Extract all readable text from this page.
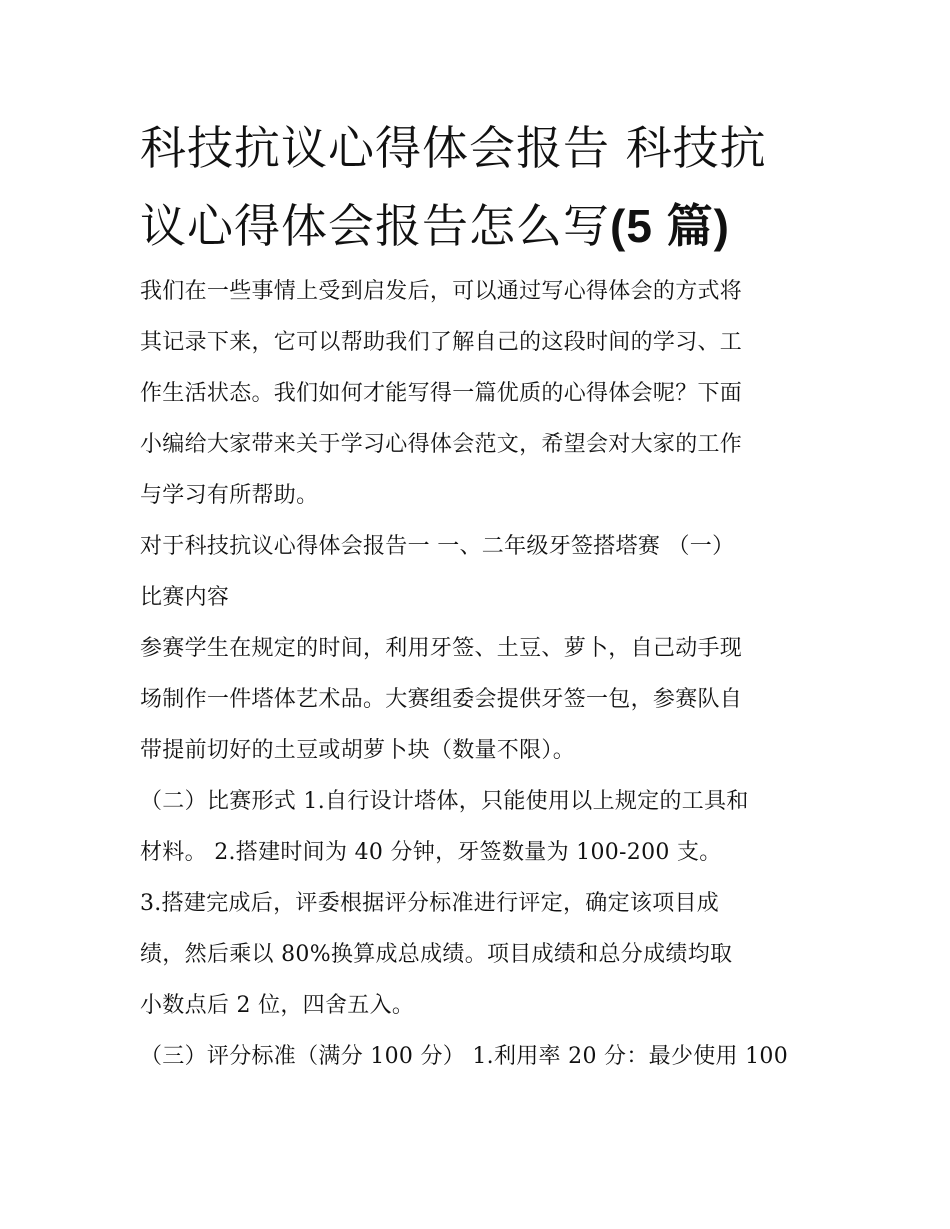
科技抗议心得体会报告 科技抗
议心得体会报告怎么写(5 篇)
我们在一些事情上受到启发后，可以通过写心得体会的方式将
其记录下来，它可以帮助我们了解自己的这段时间的学习、工
作生活状态。我们如何才能写得一篇优质的心得体会呢？下面
小编给大家带来关于学习心得体会范文，希望会对大家的工作
与学习有所帮助。
对于科技抗议心得体会报告一 一、二年级牙签搭塔赛 （一）
比赛内容
参赛学生在规定的时间，利用牙签、土豆、萝卜，自己动手现
场制作一件塔体艺术品。大赛组委会提供牙签一包，参赛队自
带提前切好的土豆或胡萝卜块（数量不限）。
（二）比赛形式 1.自行设计塔体，只能使用以上规定的工具和
材料。 2.搭建时间为 40 分钟，牙签数量为 100-200 支。
3.搭建完成后，评委根据评分标准进行评定，确定该项目成
绩，然后乘以 80%换算成总成绩。项目成绩和总分成绩均取
小数点后 2 位，四舍五入。
（三）评分标准（满分 100 分） 1.利用率 20 分：最少使用 100
